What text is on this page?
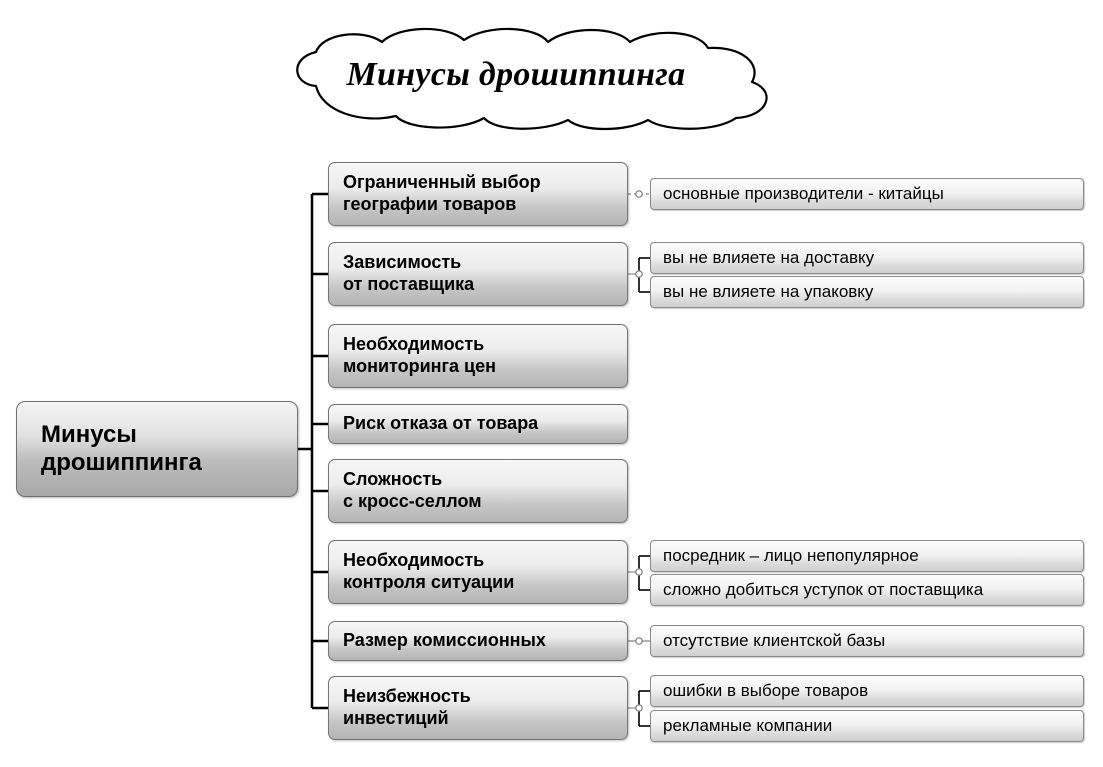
Минусы дрошиппинга
Минусы
дрошиппинга
Ограниченный выбор
географии товаров
Зависимость
от поставщика
Необходимость
мониторинга цен
Риск отказа от товара
Сложность
с кросс-селлом
Необходимость
контроля ситуации
Размер комиссионных
Неизбежность
инвестиций
основные производители - китайцы
вы не влияете на доставку
вы не влияете на упаковку
посредник – лицо непопулярное
сложно добиться уступок от поставщика
отсутствие клиентской базы
ошибки в выборе товаров
рекламные компании
